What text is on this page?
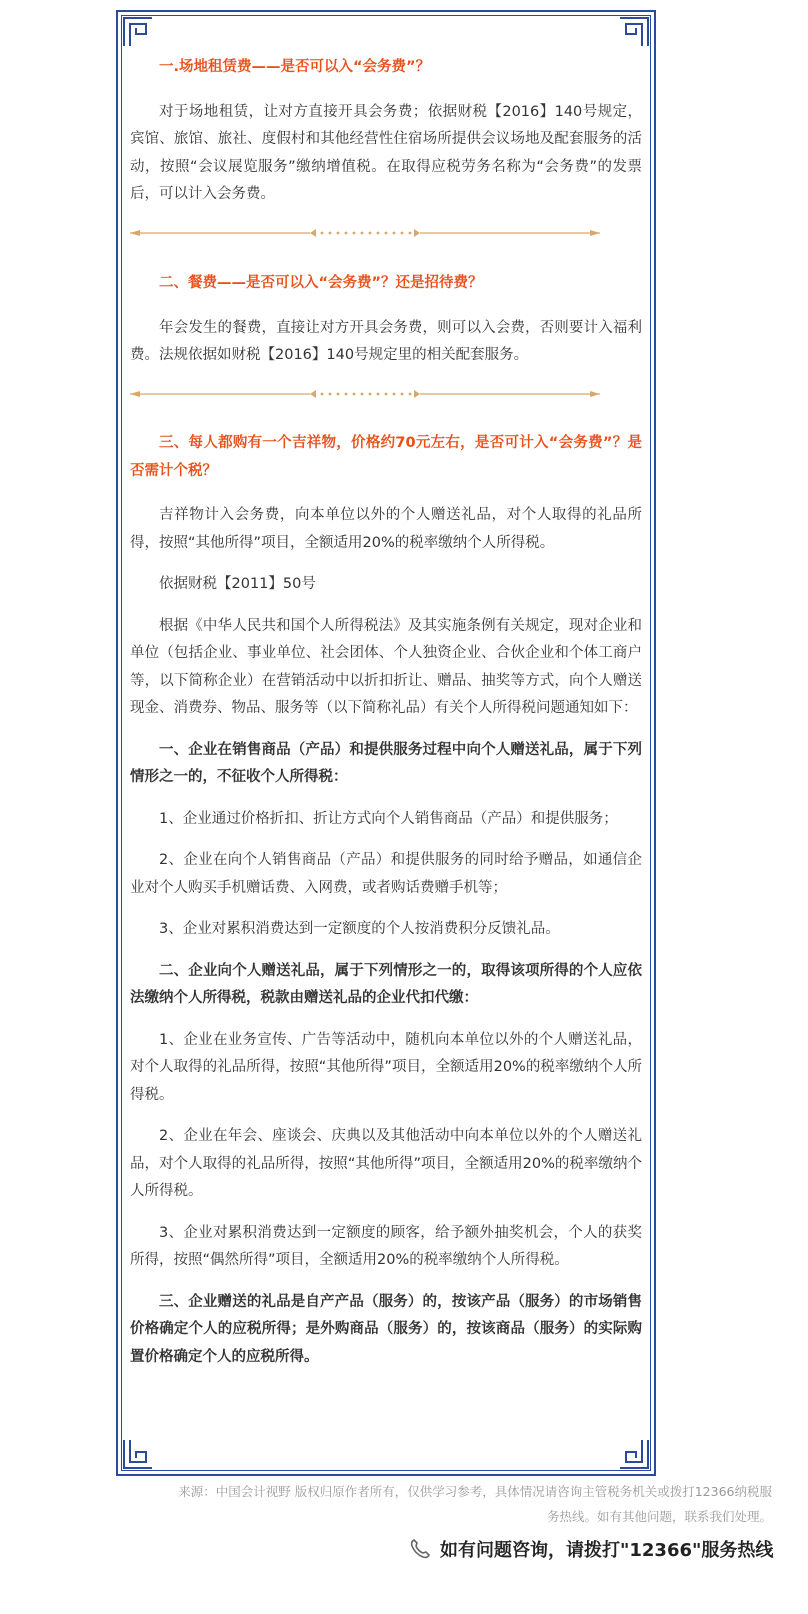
一.场地租赁费——是否可以入“会务费”？

对于场地租赁，让对方直接开具会务费；依据财税【2016】140号规定，宾馆、旅馆、旅社、度假村和其他经营性住宿场所提供会议场地及配套服务的活动，按照“会议展览服务”缴纳增值税。在取得应税劳务名称为“会务费”的发票后，可以计入会务费。

二、餐费——是否可以入“会务费”？还是招待费？

年会发生的餐费，直接让对方开具会务费，则可以入会费，否则要计入福利费。法规依据如财税【2016】140号规定里的相关配套服务。

三、每人都购有一个吉祥物，价格约70元左右，是否可计入“会务费”？是否需计个税？

吉祥物计入会务费，向本单位以外的个人赠送礼品，对个人取得的礼品所得，按照“其他所得”项目，全额适用20%的税率缴纳个人所得税。

依据财税【2011】50号

根据《中华人民共和国个人所得税法》及其实施条例有关规定，现对企业和单位（包括企业、事业单位、社会团体、个人独资企业、合伙企业和个体工商户等，以下简称企业）在营销活动中以折扣折让、赠品、抽奖等方式，向个人赠送现金、消费券、物品、服务等（以下简称礼品）有关个人所得税问题通知如下：

一、企业在销售商品（产品）和提供服务过程中向个人赠送礼品，属于下列情形之一的，不征收个人所得税：

1、企业通过价格折扣、折让方式向个人销售商品（产品）和提供服务；

2、企业在向个人销售商品（产品）和提供服务的同时给予赠品，如通信企业对个人购买手机赠话费、入网费，或者购话费赠手机等；

3、企业对累积消费达到一定额度的个人按消费积分反馈礼品。

二、企业向个人赠送礼品，属于下列情形之一的，取得该项所得的个人应依法缴纳个人所得税，税款由赠送礼品的企业代扣代缴：

1、企业在业务宣传、广告等活动中，随机向本单位以外的个人赠送礼品，对个人取得的礼品所得，按照“其他所得”项目，全额适用20%的税率缴纳个人所得税。

2、企业在年会、座谈会、庆典以及其他活动中向本单位以外的个人赠送礼品，对个人取得的礼品所得，按照“其他所得”项目，全额适用20%的税率缴纳个人所得税。

3、企业对累积消费达到一定额度的顾客，给予额外抽奖机会，个人的获奖所得，按照“偶然所得”项目，全额适用20%的税率缴纳个人所得税。

三、企业赠送的礼品是自产产品（服务）的，按该产品（服务）的市场销售价格确定个人的应税所得；是外购商品（服务）的，按该商品（服务）的实际购置价格确定个人的应税所得。

来源：中国会计视野 版权归原作者所有，仅供学习参考，具体情况请咨询主管税务机关或拨打12366纳税服
务热线。如有其他问题，联系我们处理。
如有问题咨询，请拨打"12366"服务热线
